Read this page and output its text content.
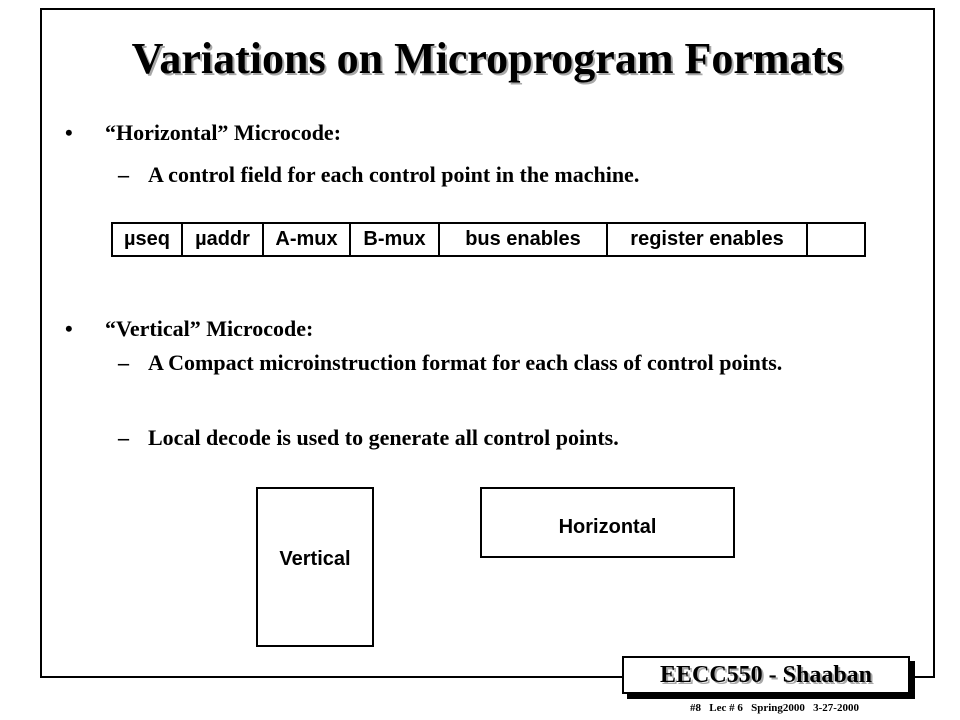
Variations on Microprogram Formats
• “Horizontal” Microcode:
– A control field for each control point in the machine.
µseq	µaddr	A-mux	B-mux	bus enables	register enables
• “Vertical” Microcode:
– A Compact microinstruction format for each class of control points.
– Local decode is used to generate all control points.
Vertical
Horizontal
EECC550 - Shaaban
#8   Lec # 6   Spring2000   3-27-2000
